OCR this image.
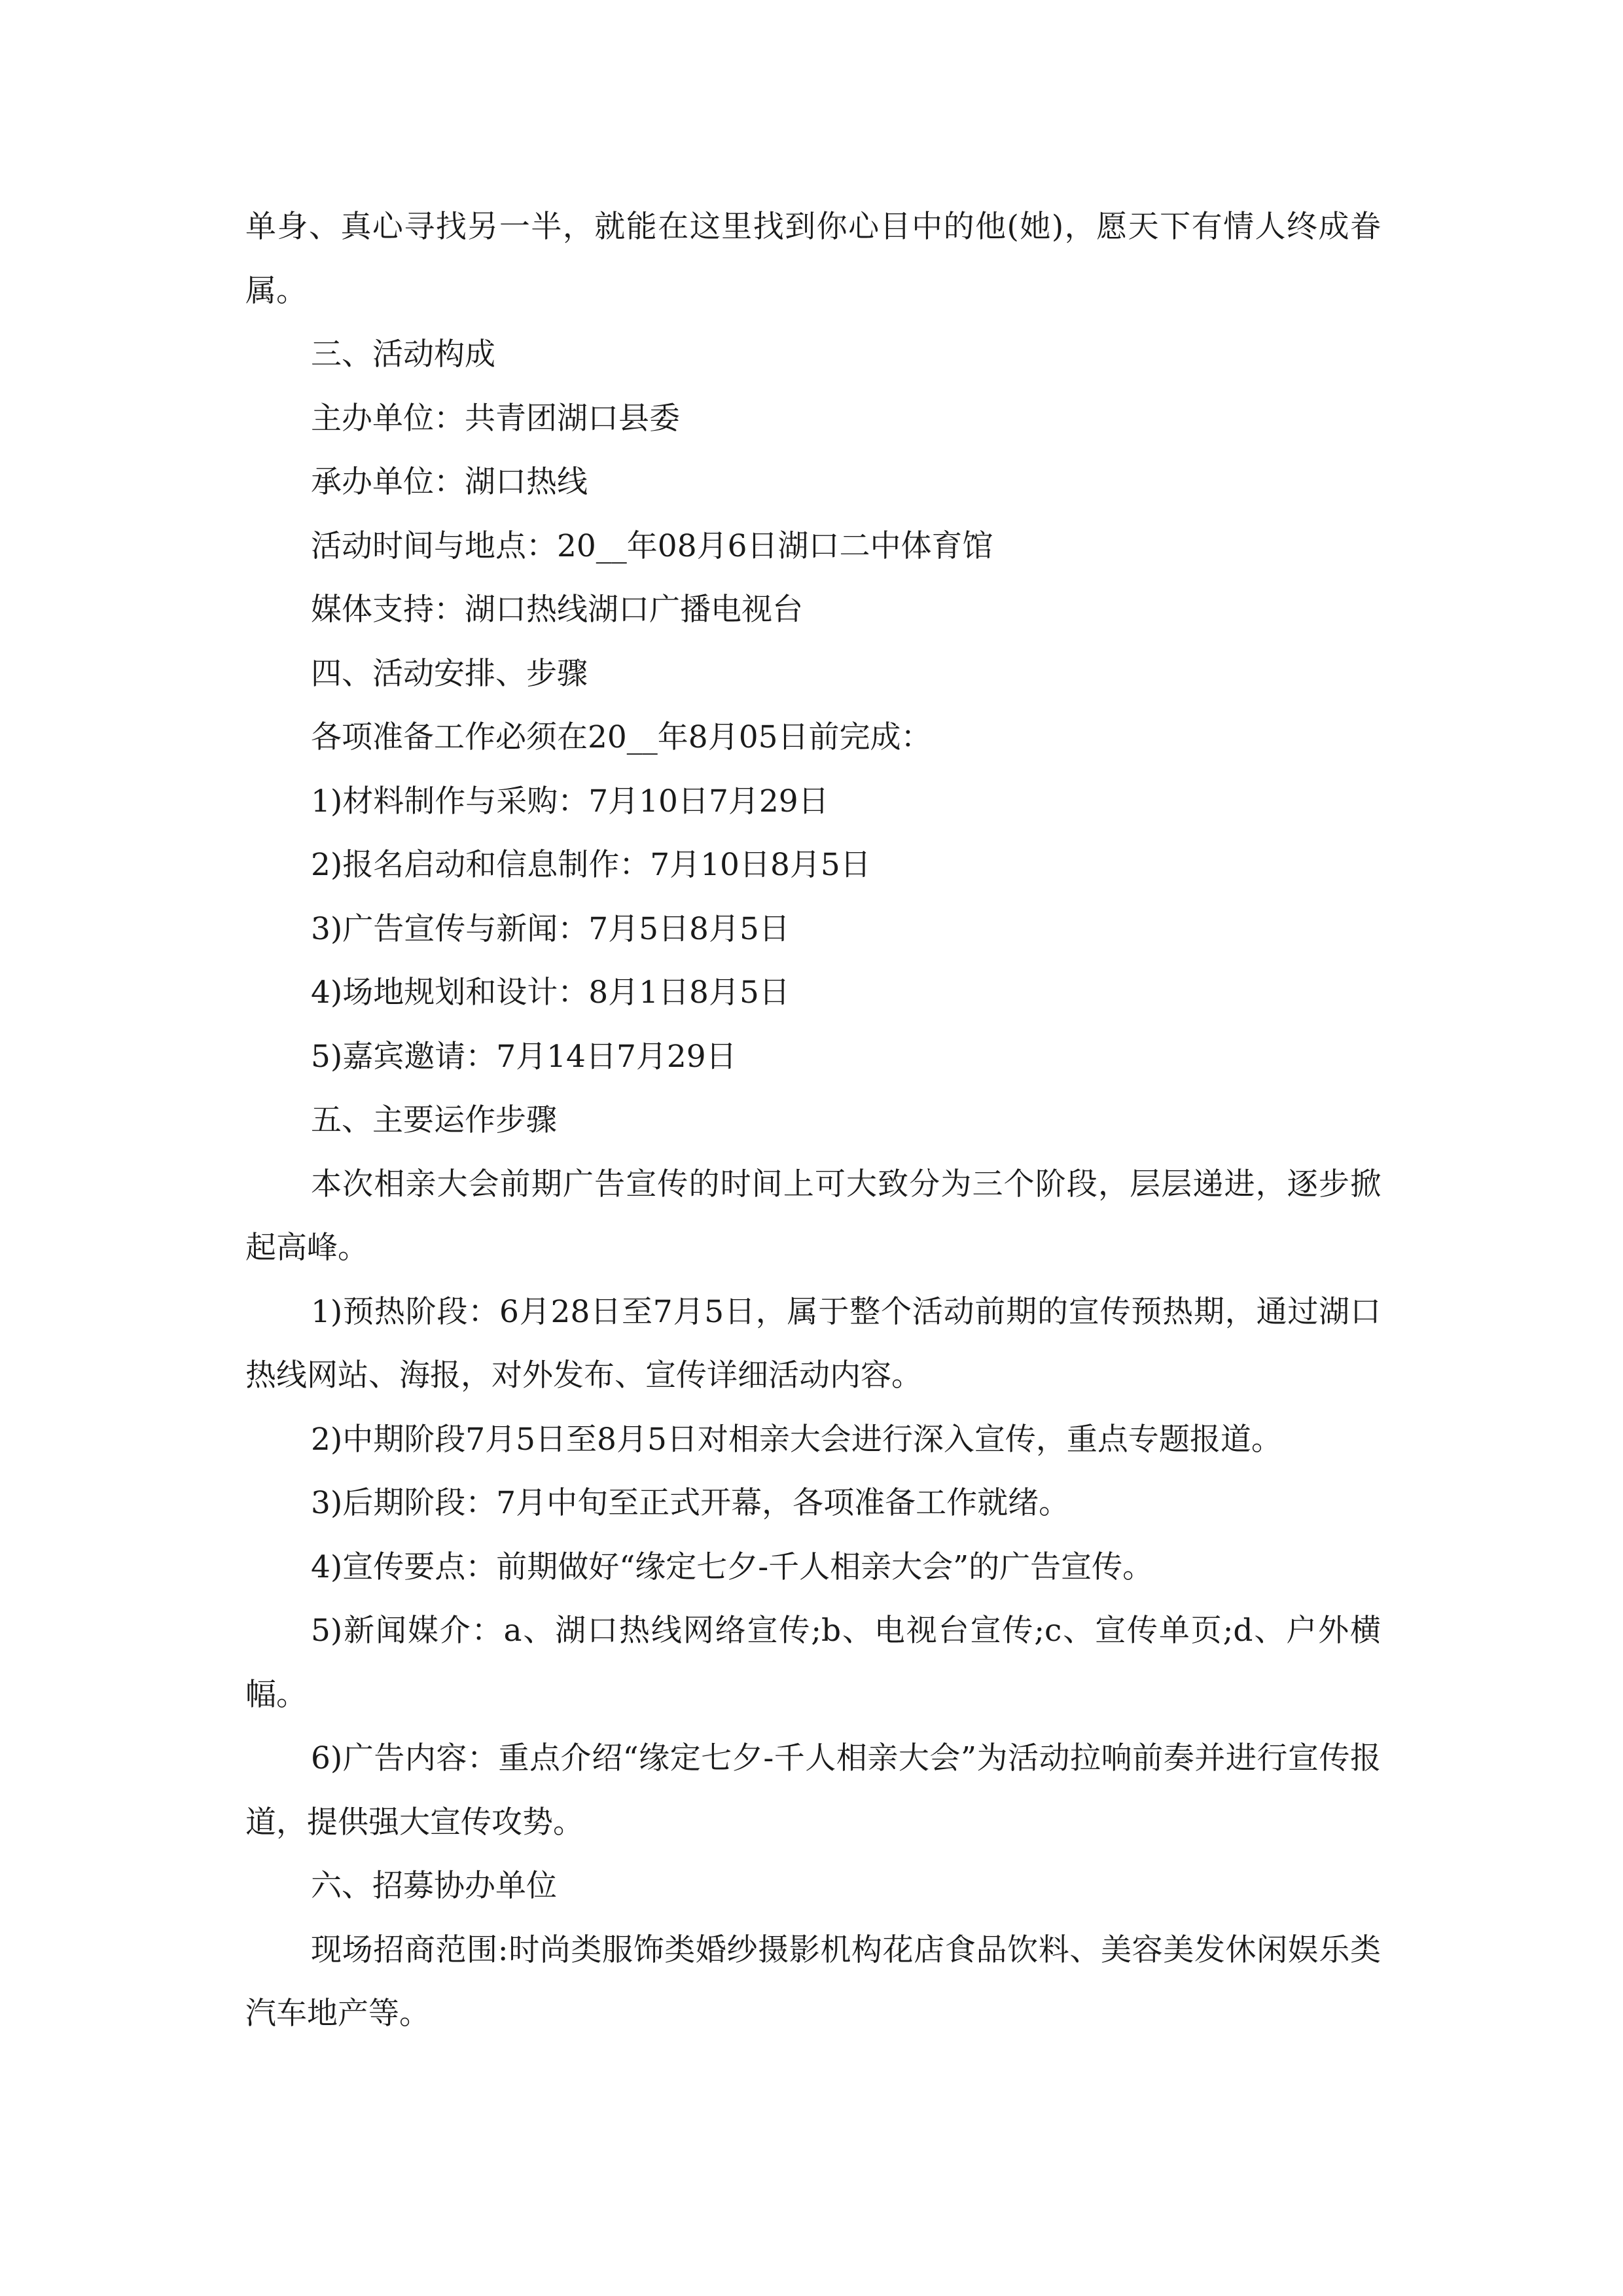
单身、真心寻找另一半，就能在这里找到你心目中的他(她)，愿天下有情人终成眷属。

三、活动构成

主办单位：共青团湖口县委

承办单位：湖口热线

活动时间与地点：20__年08月6日湖口二中体育馆

媒体支持：湖口热线湖口广播电视台

四、活动安排、步骤

各项准备工作必须在20__年8月05日前完成：

1)材料制作与采购：7月10日7月29日

2)报名启动和信息制作：7月10日8月5日

3)广告宣传与新闻：7月5日8月5日

4)场地规划和设计：8月1日8月5日

5)嘉宾邀请：7月14日7月29日

五、主要运作步骤

本次相亲大会前期广告宣传的时间上可大致分为三个阶段，层层递进，逐步掀起高峰。

1)预热阶段：6月28日至7月5日，属于整个活动前期的宣传预热期，通过湖口热线网站、海报，对外发布、宣传详细活动内容。

2)中期阶段7月5日至8月5日对相亲大会进行深入宣传，重点专题报道。

3)后期阶段：7月中旬至正式开幕，各项准备工作就绪。

4)宣传要点：前期做好“缘定七夕-千人相亲大会”的广告宣传。

5)新闻媒介：a、湖口热线网络宣传;b、电视台宣传;c、宣传单页;d、户外横幅。

6)广告内容：重点介绍“缘定七夕-千人相亲大会”为活动拉响前奏并进行宣传报道，提供强大宣传攻势。

六、招募协办单位

现场招商范围:时尚类服饰类婚纱摄影机构花店食品饮料、美容美发休闲娱乐类汽车地产等。
